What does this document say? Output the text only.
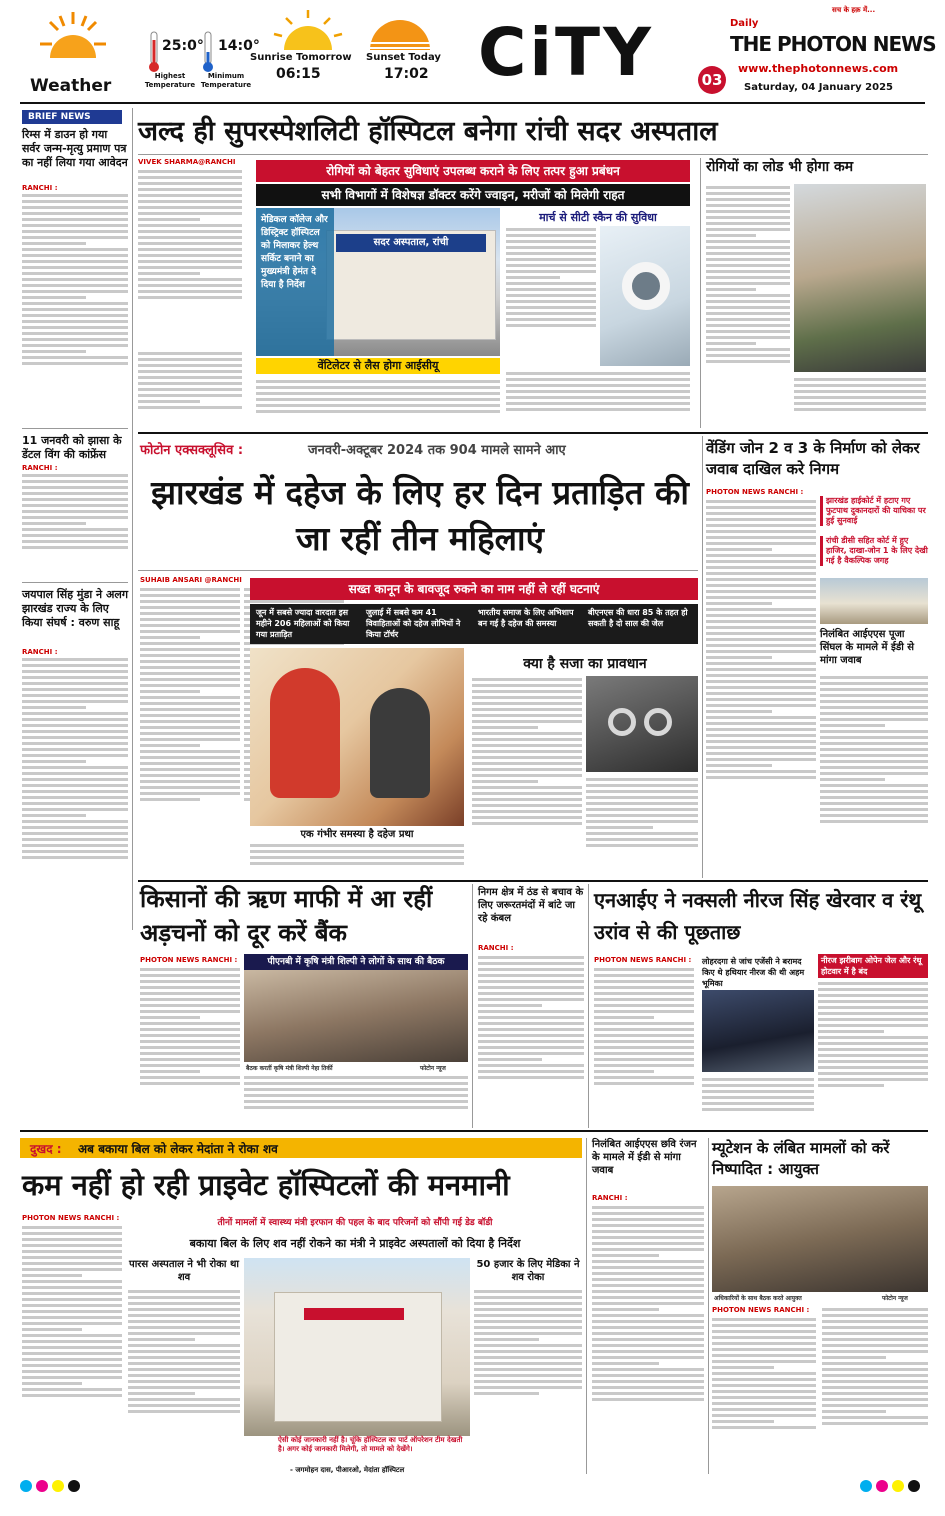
Weather
25:0°
Highest Temperature
14:0°
Minimum Temperature
Sunrise Tomorrow
06:15
Sunset Today
17:02 CiTY
सच के हक़ में...
Daily
THE PHOTON NEWS
03
www.thephotonnews.com
Saturday, 04 January 2025
BRIEF NEWS
रिम्स में डाउन हो गया सर्वर जन्म-मृत्यु प्रमाण पत्र का नहीं लिया गया आवेदन
RANCHI :
11 जनवरी को झासा के डेंटल विंग की कांफ्रेंस
RANCHI :
जयपाल सिंह मुंडा ने अलग झारखंड राज्य के लिए किया संघर्ष : वरुण साहू
RANCHI :
जल्द ही सुपरस्पेशलिटी हॉस्पिटल बनेगा रांची सदर अस्पताल
VIVEK SHARMA@RANCHI
रोगियों को बेहतर सुविधाएं उपलब्ध कराने के लिए तत्पर हुआ प्रबंधन
सभी विभागों में विशेषज्ञ डॉक्टर करेंगे ज्वाइन, मरीजों को मिलेगी राहत
सदर अस्पताल, रांची
मेडिकल कॉलेज और डिस्ट्रिक्ट हॉस्पिटल को मिलाकर हेल्थ सर्किट बनाने का मुख्यमंत्री हेमंत दे दिया है निर्देश
वेंटिलेटर से लैस होगा आईसीयू
मार्च से सीटी स्कैन की सुविधा
रोगियों का लोड भी होगा कम
फोटोन एक्सक्लूसिव :	जनवरी-अक्टूबर 2024 तक 904 मामले सामने आए
झारखंड में दहेज के लिए हर दिन प्रताड़ित की जा रहीं तीन महिलाएं
SUHAIB ANSARI @RANCHI
सख्त कानून के बावजूद रुकने का नाम नहीं ले रहीं घटनाएं
जून में सबसे ज्यादा वारदात इस महीने 206 महिलाओं को किया गया प्रताड़ित
जुलाई में सबसे कम 41 विवाहिताओं को दहेज लोभियों ने किया टॉर्चर
भारतीय समाज के लिए अभिशाप बन गई है दहेज की समस्या
बीएनएस की धारा 85 के तहत हो सकती है दो साल की जेल
एक गंभीर समस्या है दहेज प्रथा
क्या है सजा का प्रावधान
वेंडिंग जोन 2 व 3 के निर्माण को लेकर जवाब दाखिल करे निगम
PHOTON NEWS RANCHI :
झारखंड हाईकोर्ट में हटाए गए फुटपाथ दुकानदारों की याचिका पर हुई सुनवाई
रांची डीसी सहित कोर्ट में हुए हाजिर, दाखा-जोन 1 के लिए देखी गई है वैकल्पिक जगह
निलंबित आईएएस पूजा सिंघल के मामले में ईडी से मांगा जवाब
किसानों की ऋण माफी में आ रहीं अड़चनों को दूर करें बैंक
PHOTON NEWS RANCHI :	पीएनबी में कृषि मंत्री शिल्पी ने लोगों के साथ की बैठक
बैठक करतीं कृषि मंत्री शिल्पी नेहा तिर्की	फोटोन न्यूज
निगम क्षेत्र में ठंड से बचाव के लिए जरूरतमंदों में बांटे जा रहे कंबल
RANCHI :
एनआईए ने नक्सली नीरज सिंह खेरवार व रंथू उरांव से की पूछताछ
PHOTON NEWS RANCHI : लोहरदगा से जांच एजेंसी ने बरामद किए थे हथियार नीरज की थी अहम भूमिका
नीरज झरीबाग ओपेन जेल और रंथू होटवार में है बंद
दुखद : अब बकाया बिल को लेकर मेदांता ने रोका शव
कम नहीं हो रही प्राइवेट हॉस्पिटलों की मनमानी
PHOTON NEWS RANCHI :	तीनों मामलों में स्वास्थ्य मंत्री इरफान की पहल के बाद परिजनों को सौंपी गई डेड बॉडी
बकाया बिल के लिए शव नहीं रोकने का मंत्री ने प्राइवेट अस्पतालों को दिया है निर्देश
पारस अस्पताल ने भी रोका था शव
ऐसी कोई जानकारी नहीं है। चूंकि हॉस्पिटल का पार्ट ऑपरेशन टीम देखती है। अगर कोई जानकारी मिलेगी, तो मामले को देखेंगे।
- जगमोहन दास, पीआरओ, मेदांता हॉस्पिटल
50 हजार के लिए मेडिका ने शव रोका
निलंबित आईएएस छवि रंजन के मामले में ईडी से मांगा जवाब
RANCHI :
म्यूटेशन के लंबित मामलों को करें निष्पादित : आयुक्त
अधिकारियों के साथ बैठक करते आयुक्त	फोटोन न्यूज
PHOTON NEWS RANCHI :
